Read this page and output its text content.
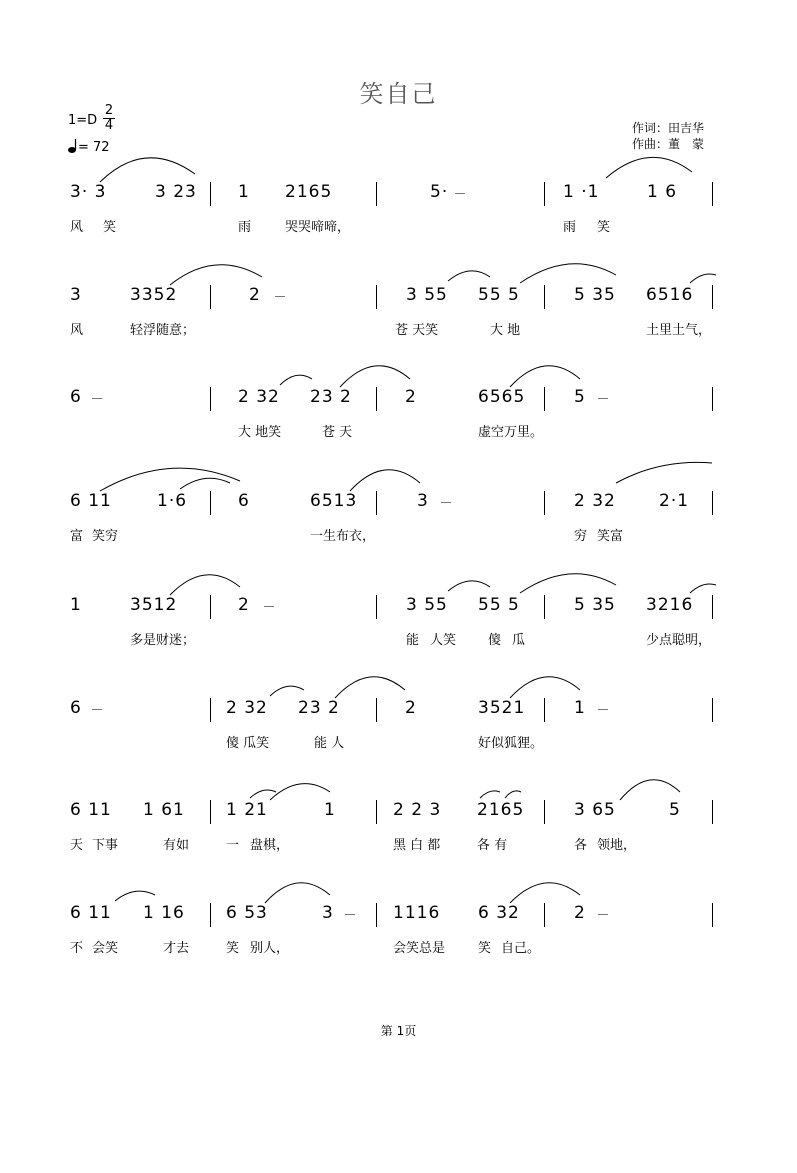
笑自己
1=D
2
4
= 72
作词：田吉华
作曲：董　蒙
3· 3	3 23 1 2165	5·	1 ·1	1 6
风 笑	雨	哭哭啼啼，	雨 笑
3	3352	2	3 55 55 5	5 35 6516
风	轻浮随意；	苍 天笑	大 地	土里土气，
6	2 32 23 2	2	6565	5
大 地笑	苍 天	虚空万里。
6 11	1·6	6	6513	3	2 32	2·1
富 笑穷	一生布衣，	穷 笑富
1	3512	2	3 55 55 5	5 35 3216
多是财迷；	能 人笑 傻 瓜	少点聪明，
6	2 32 23 2	2	3521	1
傻 瓜笑	能 人	好似狐狸。
6 11 1 61 1 21	1	2 2 3 2165	3 65	5
天 下事	有如	一 盘棋，	黑 白 都	各 有	各 领地，
6 11 1 16 6 53	3	1116 6 32	2
不 会笑	才去	笑 别人，	会笑总是	笑 自己。
第 1页
